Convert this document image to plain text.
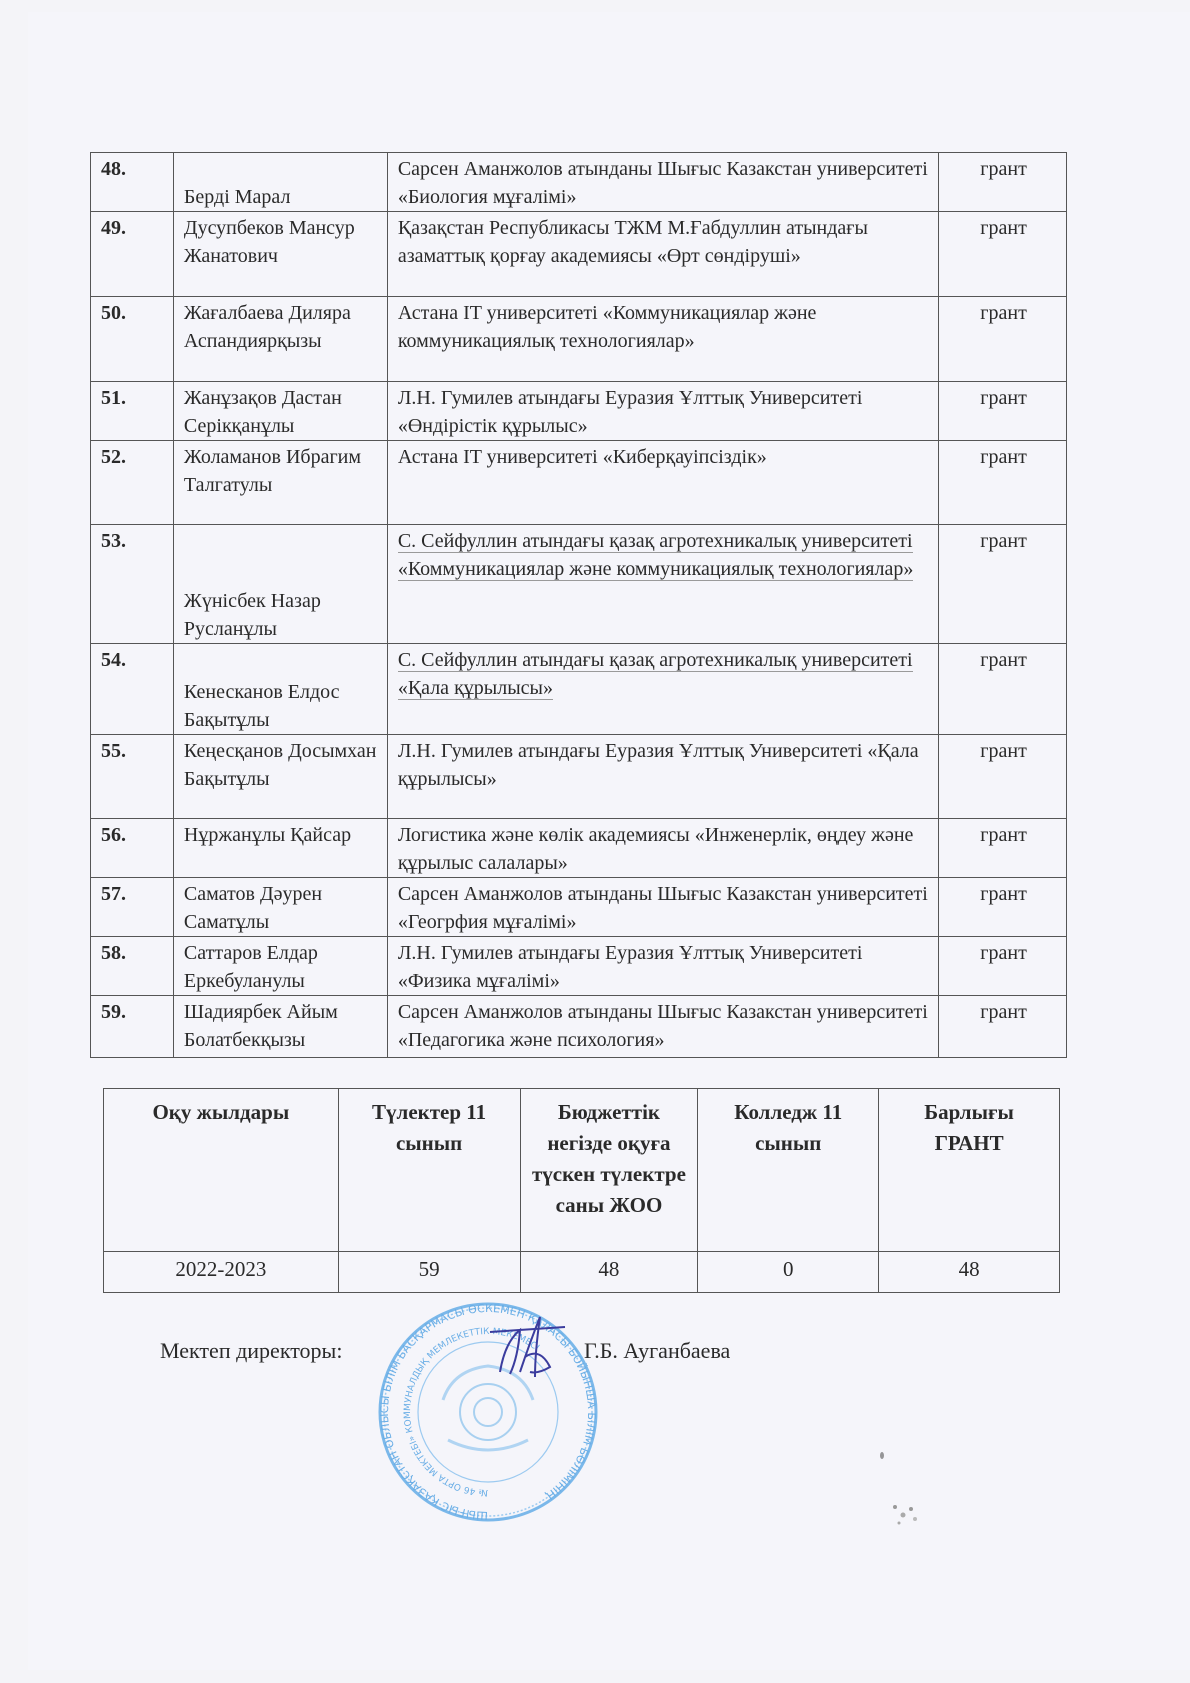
48.	Берді Марал	Сарсен Аманжолов атынданы Шығыс Казакстан университеті «Биология мұғалімі»	грант
49.	Дусупбеков Мансур Жанатович	Қазақстан Республикасы ТЖМ М.Ғабдуллин атындағы азаматтық қорғау академиясы «Өрт сөндіруші»	грант
50.	Жағалбаева Диляра Аспандиярқызы	Астана IT университеті «Коммуникациялар және коммуникациялық технологиялар»	грант
51.	Жанұзақов Дастан Серікқанұлы	Л.Н. Гумилев атындағы Еуразия Ұлттық Университеті «Өндірістік құрылыс»	грант
52.	Жоламанов Ибрагим Талгатулы	Астана IT университеті «Киберқауіпсіздік»	грант
53.	Жүнісбек Назар Русланұлы	С. Сейфуллин атындағы қазақ агротехникалық университеті «Коммуникациялар және коммуникациялық технологиялар»	грант
54.	Кенесканов Елдос Бақытұлы	С. Сейфуллин атындағы қазақ агротехникалық университеті «Қала құрылысы»	грант
55.	Кеңесқанов Досымхан Бақытұлы	Л.Н. Гумилев атындағы Еуразия Ұлттық Университеті «Қала құрылысы»	грант
56.	Нұржанұлы Қайсар	Логистика және көлік академиясы «Инженерлік, өңдеу және құрылыс салалары»	грант
57.	Саматов Дәурен Саматұлы	Сарсен Аманжолов атынданы Шығыс Казакстан университеті «Геогрфия мұғалімі»	грант
58.	Саттаров Елдар Еркебуланулы	Л.Н. Гумилев атындағы Еуразия Ұлттық Университеті «Физика мұғалімі»	грант
59.	Шадиярбек Айым Болатбекқызы	Сарсен Аманжолов атынданы Шығыс Казакстан университеті «Педагогика және психология»	грант
Оқу жылдары	Түлектер 11 сынып	Бюджеттік негізде оқуға түскен түлектре саны ЖОО	Колледж 11 сынып	Барлығы ГРАНТ
2022-2023	59	48	0	48
ШЫҒЫС ҚАЗАҚСТАН ОБЛЫСЫ БІЛІМ БАСҚАРМАСЫ ӨСКЕМЕН ҚАЛАСЫ БОЙЫНША БІЛІМ БӨЛІМІНІҢ
№ 46 ОРТА МЕКТЕБІ» КОММУНАЛДЫҚ МЕМЛЕКЕТТІК МЕКЕМЕСІ
Мектеп директоры:	Г.Б. Ауганбаева
